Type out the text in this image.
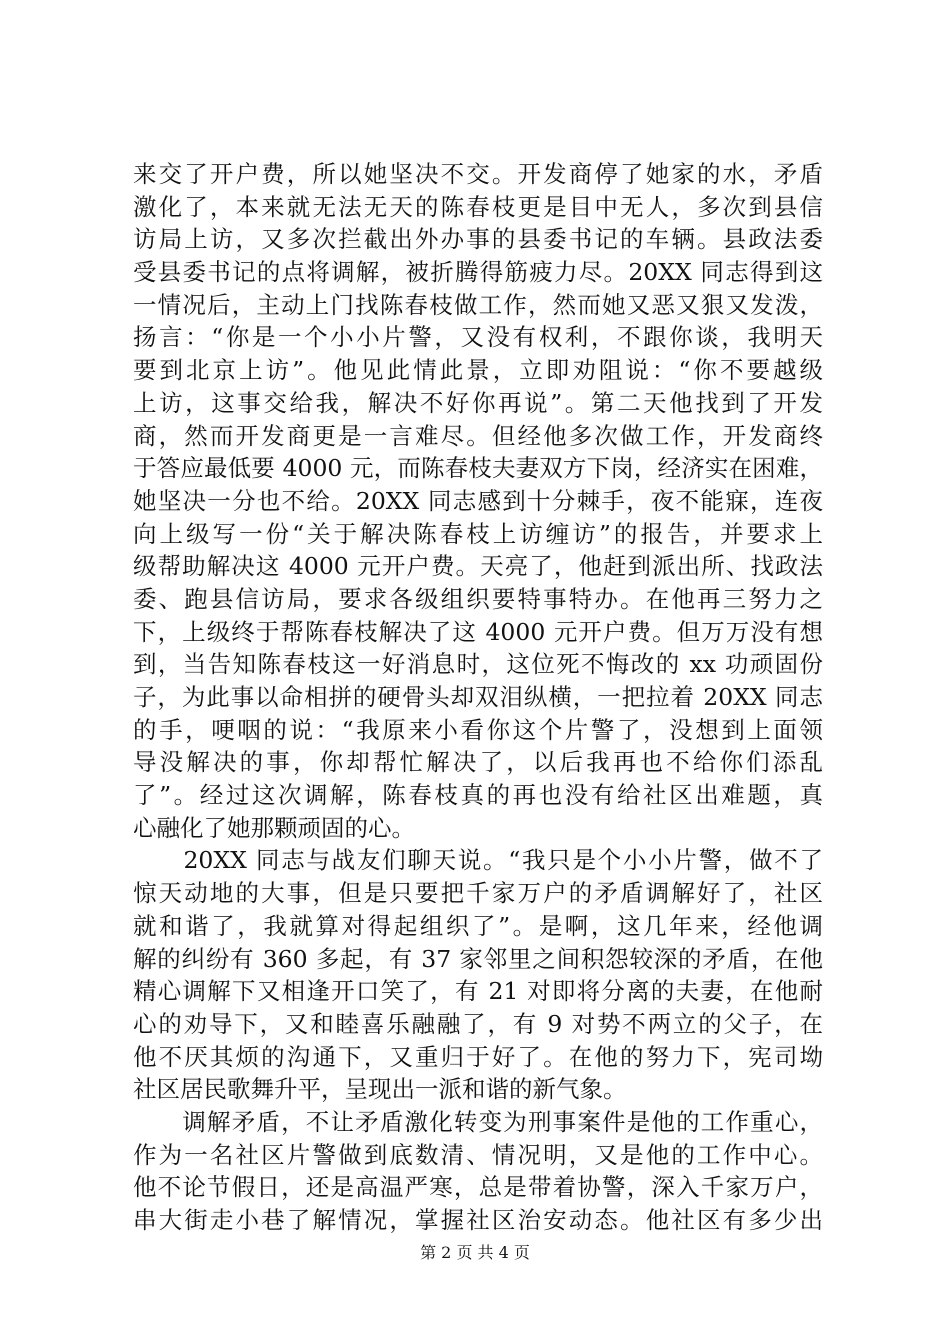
来交了开户费，所以她坚决不交。开发商停了她家的水，矛盾
激化了，本来就无法无天的陈春枝更是目中无人，多次到县信
访局上访，又多次拦截出外办事的县委书记的车辆。县政法委
受县委书记的点将调解，被折腾得筋疲力尽。20XX 同志得到这
一情况后，主动上门找陈春枝做工作，然而她又恶又狠又发泼，
扬言：“你是一个小小片警，又没有权利，不跟你谈，我明天
要到北京上访”。他见此情此景，立即劝阻说：“你不要越级
上访，这事交给我，解决不好你再说”。第二天他找到了开发
商，然而开发商更是一言难尽。但经他多次做工作，开发商终
于答应最低要 4000 元，而陈春枝夫妻双方下岗，经济实在困难，
她坚决一分也不给。20XX 同志感到十分棘手，夜不能寐，连夜
向上级写一份“关于解决陈春枝上访缠访”的报告，并要求上
级帮助解决这 4000 元开户费。天亮了，他赶到派出所、找政法
委、跑县信访局，要求各级组织要特事特办。在他再三努力之
下，上级终于帮陈春枝解决了这 4000 元开户费。但万万没有想
到，当告知陈春枝这一好消息时，这位死不悔改的 xx 功顽固份
子，为此事以命相拼的硬骨头却双泪纵横，一把拉着 20XX 同志
的手，哽咽的说：“我原来小看你这个片警了，没想到上面领
导没解决的事，你却帮忙解决了，以后我再也不给你们添乱
了”。经过这次调解，陈春枝真的再也没有给社区出难题，真
心融化了她那颗顽固的心。
　　20XX 同志与战友们聊天说。“我只是个小小片警，做不了
惊天动地的大事，但是只要把千家万户的矛盾调解好了，社区
就和谐了，我就算对得起组织了”。是啊，这几年来，经他调
解的纠纷有 360 多起，有 37 家邻里之间积怨较深的矛盾，在他
精心调解下又相逢开口笑了，有 21 对即将分离的夫妻，在他耐
心的劝导下，又和睦喜乐融融了，有 9 对势不两立的父子，在
他不厌其烦的沟通下，又重归于好了。在他的努力下，宪司坳
社区居民歌舞升平，呈现出一派和谐的新气象。
　　调解矛盾，不让矛盾激化转变为刑事案件是他的工作重心，
作为一名社区片警做到底数清、情况明，又是他的工作中心。
他不论节假日，还是高温严寒，总是带着协警，深入千家万户，
串大街走小巷了解情况，掌握社区治安动态。他社区有多少出
第 2 页 共 4 页
